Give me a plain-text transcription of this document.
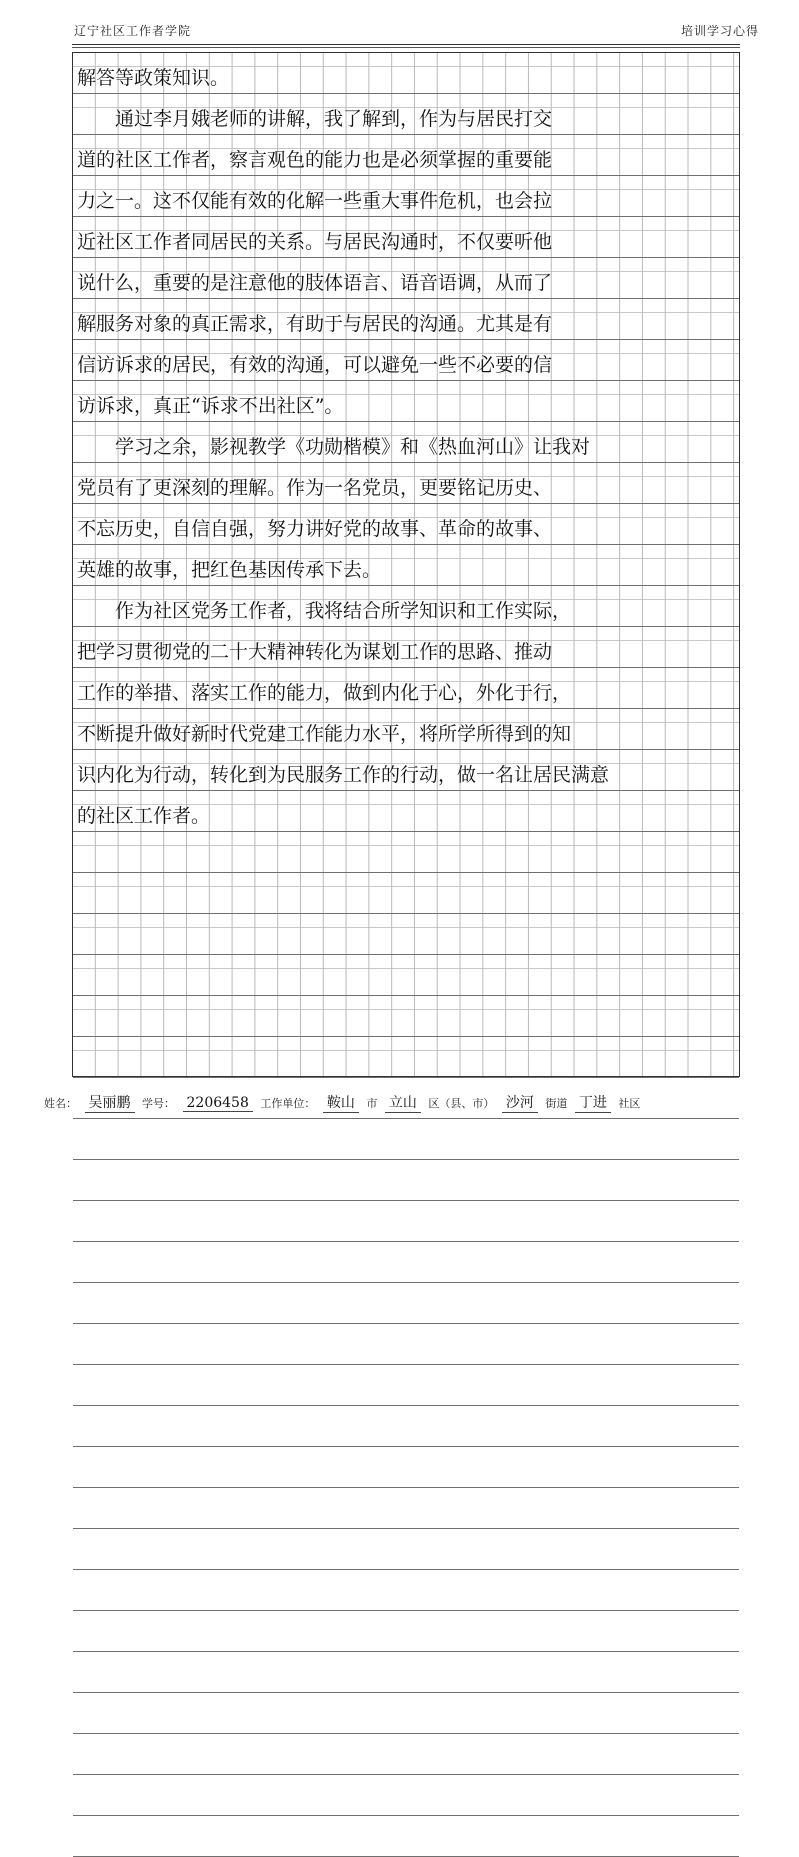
辽宁社区工作者学院	培训学习心得
解答等政策知识。
　　通过李月娥老师的讲解，我了解到，作为与居民打交
道的社区工作者，察言观色的能力也是必须掌握的重要能
力之一。这不仅能有效的化解一些重大事件危机，也会拉
近社区工作者同居民的关系。与居民沟通时，不仅要听他
说什么，重要的是注意他的肢体语言、语音语调，从而了
解服务对象的真正需求，有助于与居民的沟通。尤其是有
信访诉求的居民，有效的沟通，可以避免一些不必要的信
访诉求，真正“诉求不出社区”。
　　学习之余，影视教学《功勋楷模》和《热血河山》让我对
党员有了更深刻的理解。作为一名党员，更要铭记历史、
不忘历史，自信自强，努力讲好党的故事、革命的故事、
英雄的故事，把红色基因传承下去。
　　作为社区党务工作者，我将结合所学知识和工作实际，
把学习贯彻党的二十大精神转化为谋划工作的思路、推动
工作的举措、落实工作的能力，做到内化于心，外化于行，
不断提升做好新时代党建工作能力水平，将所学所得到的知
识内化为行动，转化到为民服务工作的行动，做一名让居民满意
的社区工作者。
姓名： 吴丽鹏 学号： 2206458 工作单位： 鞍山 市 立山 区（县、市） 沙河 街道 丁进 社区
